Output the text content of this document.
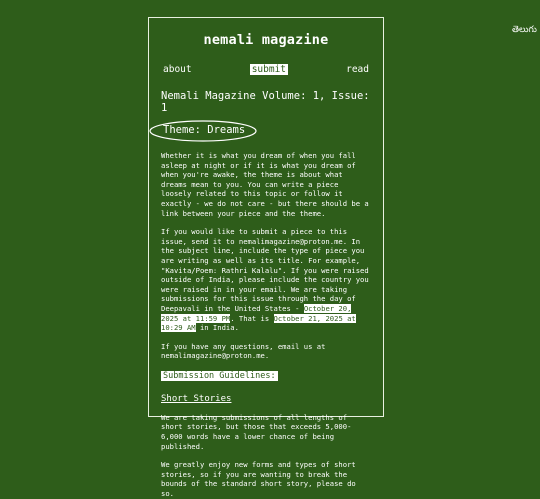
తెలుగు
nemali magazine
about	submit	read
Nemali Magazine Volume: 1, Issue: 1
Theme: Dreams

Whether it is what you dream of when you fall asleep at night or if it is what you dream of when you're awake, the theme is about what dreams mean to you. You can write a piece loosely related to this topic or follow it exactly - we do not care - but there should be a link between your piece and the theme.

If you would like to submit a piece to this issue, send it to nemalimagazine@proton.me. In the subject line, include the type of piece you are writing as well as its title. For example, "Kavita/Poem: Rathri Kalalu". If you were raised outside of India, please include the country you were raised in in your email. We are taking submissions for this issue through the day of Deepavali in the United States - October 20, 2025 at 11:59 PM. That is October 21, 2025 at 10:29 AM in India.

If you have any questions, email us at nemalimagazine@proton.me.

Submission Guidelines:
Short Stories

We are taking submissions of all lengths of short stories, but those that exceeds 5,000-6,000 words have a lower chance of being published.

We greatly enjoy new forms and types of short stories, so if you are wanting to break the bounds of the standard short story, please do so.
